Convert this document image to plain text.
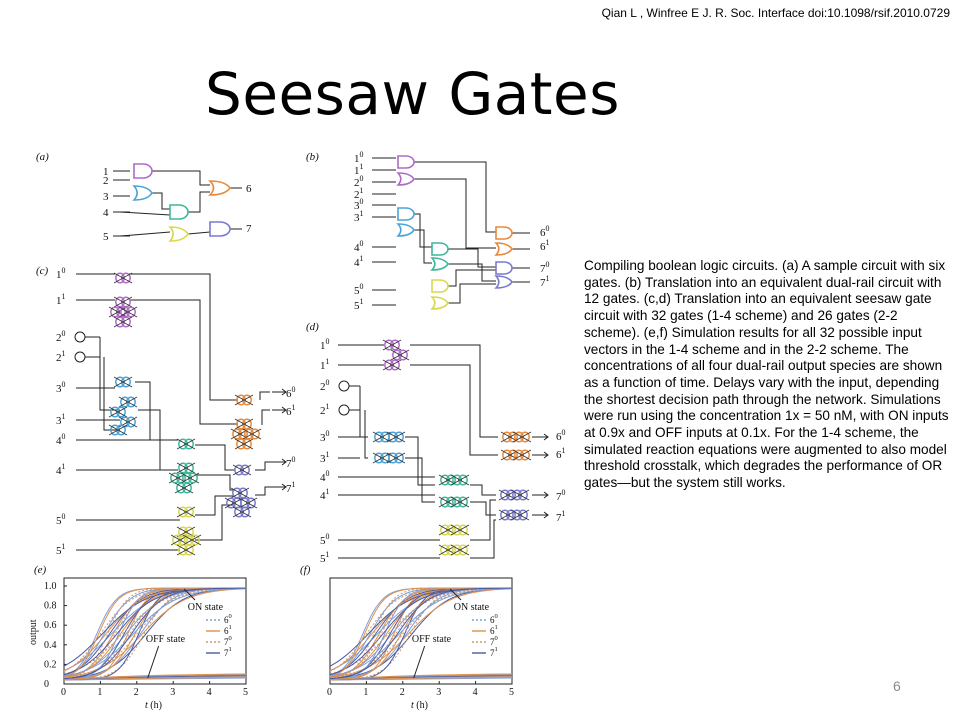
Qian L , Winfree E J. R. Soc. Interface doi:10.1098/rsif.2010.0729
Seesaw Gates
Compiling boolean logic circuits. (a) A sample circuit with six gates. (b) Translation into an equivalent dual-rail circuit with 12 gates. (c,d) Translation into an equivalent seesaw gate circuit with 32 gates (1-4 scheme) and 26 gates (2-2 scheme). (e,f) Simulation results for all 32 possible input vectors in the 1-4 scheme and in the 2-2 scheme. The concentrations of all four dual-rail output species are shown as a function of time. Delays vary with the input, depending the shortest decision path through the network. Simulations were run using the concentration 1x = 50 nM, with ON inputs at 0.9x and OFF inputs at 0.1x. For the 1-4 scheme, the simulated reaction equations were augmented to also model threshold crosstalk, which degrades the performance of OR gates—but the system still works.
6
(a)
1
2
3
4
5
6
7
(b)	$1^0$
$1^1$
$2^0$
$2^1$
$3^0$
$3^1$
$4^0$
$4^1$
$5^0$
$5^1$
$6^0$
$6^1$
$7^0$
$7^1$
(c) $1^0$
$1^1$
$2^0$
$2^1$
$3^0$
$3^1$
$4^0$
$4^1$
$5^0$
$5^1$
$6^0$
$6^1$
$7^0$
$7^1$
(d)
$1^0$
$1^1$
$2^0$
$2^1$
$3^0$
$3^1$
$4^0$
$4^1$
$5^0$
$5^1$
$6^0$
$6^1$
$7^0$
$7^1$
(e)
0	1	2	3	4	5
t (h)
0
0.2
0.4
0.6
0.8
1.0
output
ON state
OFF state
$6^0$
$6^1$
$7^0$
$7^1$
(f)
0	1	2	3	4	5
t (h)
ON state
OFF state
$6^0$
$6^1$
$7^0$
$7^1$
